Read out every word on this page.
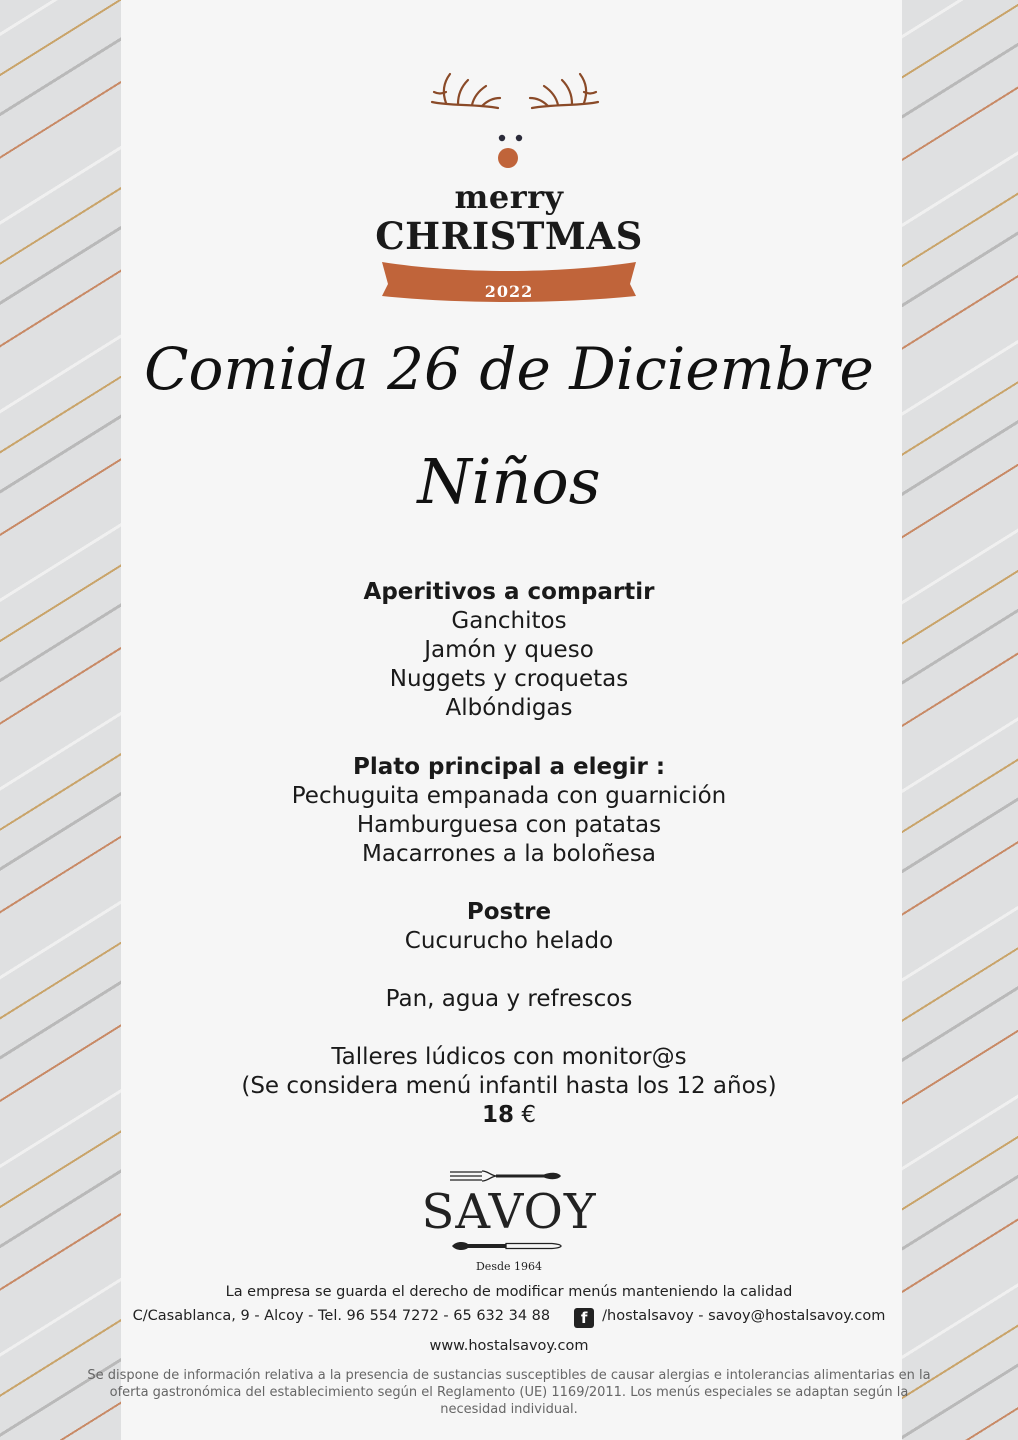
merry
CHRISTMAS
2022
Comida 26 de Diciembre
Niños
Aperitivos a compartir
Ganchitos
Jamón y queso
Nuggets y croquetas
Albóndigas
Plato principal a elegir :
Pechuguita empanada con guarnición
Hamburguesa con patatas
Macarrones a la boloñesa
Postre
Cucurucho helado
Pan, agua y refrescos
Talleres lúdicos con monitor@s
(Se considera menú infantil hasta los 12 años)
18 €
SAVOY
Desde 1964
La empresa se guarda el derecho de modificar menús manteniendo la calidad
C/Casablanca, 9 - Alcoy - Tel. 96 554 7272 - 65 632 34 88 f /hostalsavoy - savoy@hostalsavoy.com
www.hostalsavoy.com
Se dispone de información relativa a la presencia de sustancias susceptibles de causar alergias e intolerancias alimentarias en la
oferta gastronómica del establecimiento según el Reglamento (UE) 1169/2011. Los menús especiales se adaptan según la
necesidad individual.
